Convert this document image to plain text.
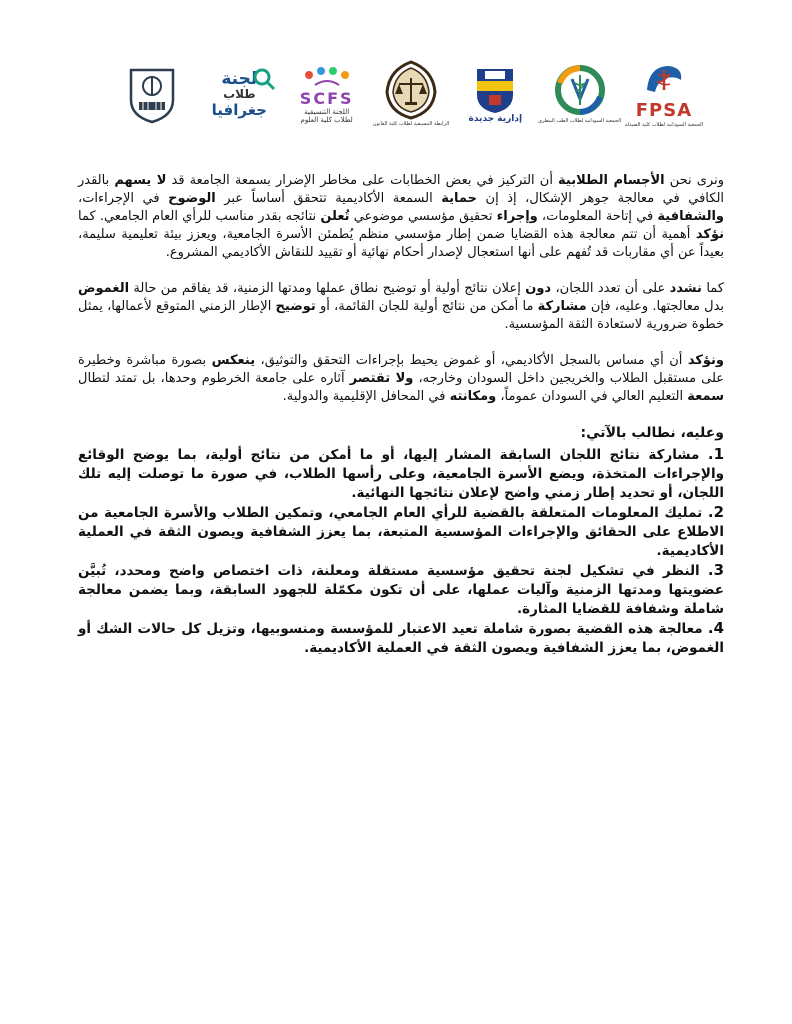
FPSA
الجمعية السودانية لطلاب كلية الصيدلة
الجمعية السودانية لطلاب الطب البيطري
إدارية جديدة
الرابطة التنسيقية لطلاب كلية القانون
SCFS
اللجنة التنسيقية
لطلاب كلية العلوم
لجنة
طلاب
جغرافيا

ونرى نحن الأجسام الطلابية أن التركيز في بعض الخطابات على مخاطر الإضرار بسمعة الجامعة قد لا يسهم بالقدر الكافي في معالجة جوهر الإشكال، إذ إن حماية السمعة الأكاديمية تتحقق أساساً عبر الوضوح في الإجراءات، والشفافية في إتاحة المعلومات، وإجراء تحقيق مؤسسي موضوعي تُعلن نتائجه بقدر مناسب للرأي العام الجامعي. كما نؤكد أهمية أن تتم معالجة هذه القضايا ضمن إطار مؤسسي منظم يُطمئن الأسرة الجامعية، ويعزز بيئة تعليمية سليمة، بعيداً عن أي مقاربات قد تُفهم على أنها استعجال لإصدار أحكام نهائية أو تقييد للنقاش الأكاديمي المشروع.

كما نشدد على أن تعدد اللجان، دون إعلان نتائج أولية أو توضيح نطاق عملها ومدتها الزمنية، قد يفاقم من حالة الغموض بدل معالجتها. وعليه، فإن مشاركة ما أمكن من نتائج أولية للجان القائمة، أو توضيح الإطار الزمني المتوقع لأعمالها، يمثل خطوة ضرورية لاستعادة الثقة المؤسسية.

ونؤكد أن أي مساس بالسجل الأكاديمي، أو غموض يحيط بإجراءات التحقق والتوثيق، ينعكس بصورة مباشرة وخطيرة على مستقبل الطلاب والخريجين داخل السودان وخارجه، ولا تقتصر آثاره على جامعة الخرطوم وحدها، بل تمتد لتطال سمعة التعليم العالي في السودان عموماً، ومكانته في المحافل الإقليمية والدولية.

وعليه، نطالب بالآتي:

1. مشاركة نتائج اللجان السابقة المشار إليها، أو ما أمكن من نتائج أولية، بما يوضح الوقائع والإجراءات المتخذة، ويضع الأسرة الجامعية، وعلى رأسها الطلاب، في صورة ما توصلت إليه تلك اللجان، أو تحديد إطار زمني واضح لإعلان نتائجها النهائية.

2. تمليك المعلومات المتعلقة بالقضية للرأي العام الجامعي، وتمكين الطلاب والأسرة الجامعية من الاطلاع على الحقائق والإجراءات المؤسسية المتبعة، بما يعزز الشفافية ويصون الثقة في العملية الأكاديمية.

3. النظر في تشكيل لجنة تحقيق مؤسسية مستقلة ومعلنة، ذات اختصاص واضح ومحدد، تُبيَّن عضويتها ومدتها الزمنية وآليات عملها، على أن تكون مكمّلة للجهود السابقة، وبما يضمن معالجة شاملة وشفافة للقضايا المثارة.

4. معالجة هذه القضية بصورة شاملة تعيد الاعتبار للمؤسسة ومنسوبيها، وتزيل كل حالات الشك أو الغموض، بما يعزز الشفافية ويصون الثقة في العملية الأكاديمية.
